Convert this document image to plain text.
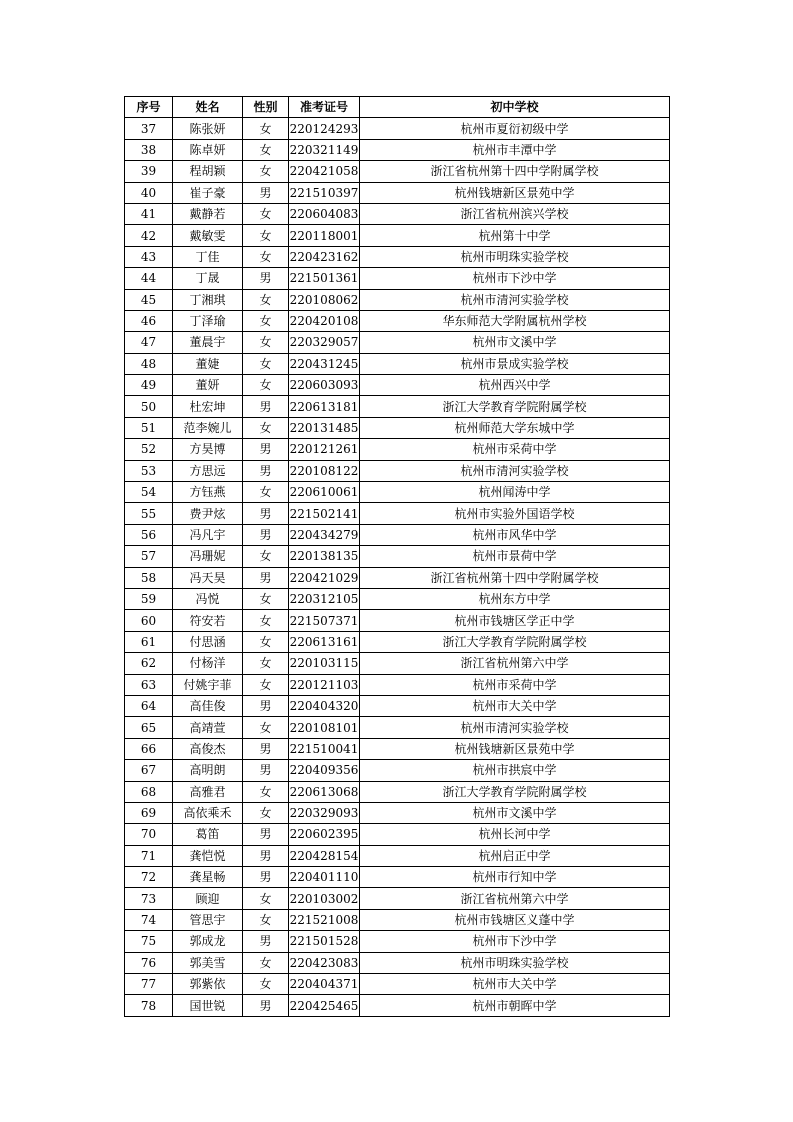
序号	姓名	性别	准考证号	初中学校
37	陈张妍	女	220124293	杭州市夏衍初级中学
38	陈卓妍	女	220321149	杭州市丰潭中学
39	程胡颖	女	220421058	浙江省杭州第十四中学附属学校
40	崔子豪	男	221510397	杭州钱塘新区景苑中学
41	戴静若	女	220604083	浙江省杭州滨兴学校
42	戴敏雯	女	220118001	杭州第十中学
43	丁佳	女	220423162	杭州市明珠实验学校
44	丁晟	男	221501361	杭州市下沙中学
45	丁湘琪	女	220108062	杭州市清河实验学校
46	丁泽瑜	女	220420108	华东师范大学附属杭州学校
47	董晨宇	女	220329057	杭州市文溪中学
48	董婕	女	220431245	杭州市景成实验学校
49	董妍	女	220603093	杭州西兴中学
50	杜宏坤	男	220613181	浙江大学教育学院附属学校
51	范李婉儿	女	220131485	杭州师范大学东城中学
52	方昊博	男	220121261	杭州市采荷中学
53	方思远	男	220108122	杭州市清河实验学校
54	方钰燕	女	220610061	杭州闻涛中学
55	费尹炫	男	221502141	杭州市实验外国语学校
56	冯凡宇	男	220434279	杭州市风华中学
57	冯珊妮	女	220138135	杭州市景荷中学
58	冯天昊	男	220421029	浙江省杭州第十四中学附属学校
59	冯悦	女	220312105	杭州东方中学
60	符安若	女	221507371	杭州市钱塘区学正中学
61	付思涵	女	220613161	浙江大学教育学院附属学校
62	付杨洋	女	220103115	浙江省杭州第六中学
63	付姚宇菲	女	220121103	杭州市采荷中学
64	高佳俊	男	220404320	杭州市大关中学
65	高靖萱	女	220108101	杭州市清河实验学校
66	高俊杰	男	221510041	杭州钱塘新区景苑中学
67	高明朗	男	220409356	杭州市拱宸中学
68	高雅君	女	220613068	浙江大学教育学院附属学校
69	高依乘禾	女	220329093	杭州市文溪中学
70	葛笛	男	220602395	杭州长河中学
71	龚恺悦	男	220428154	杭州启正中学
72	龚星畅	男	220401110	杭州市行知中学
73	顾迎	女	220103002	浙江省杭州第六中学
74	管思宇	女	221521008	杭州市钱塘区义蓬中学
75	郭成龙	男	221501528	杭州市下沙中学
76	郭美雪	女	220423083	杭州市明珠实验学校
77	郭紫依	女	220404371	杭州市大关中学
78	国世锐	男	220425465	杭州市朝晖中学
